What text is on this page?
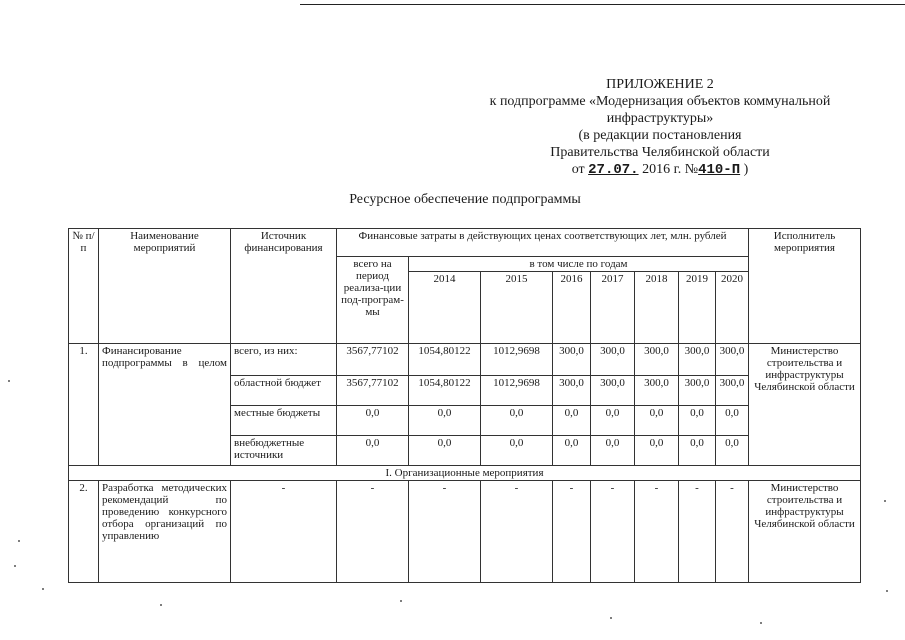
ПРИЛОЖЕНИЕ 2
к подпрограмме «Модернизация объектов коммунальной
инфраструктуры»
(в редакции постановления
Правительства Челябинской области
от 27.07. 2016 г. №410-П )
Ресурсное обеспечение подпрограммы
№ п/п	Наименование мероприятий	Источник финансирования	Финансовые затраты в действующих ценах соответствующих лет, млн. рублей								Исполнитель мероприятия
			всего на период реализа-ции под-програм-мы	в том числе по годам							
				2014	2015	2016	2017	2018	2019	2020	
1.	Финансирование подпрограммы в целом	всего, из них:	3567,77102	1054,80122	1012,9698	300,0	300,0	300,0	300,0	300,0	Министерство строительства и инфраструктуры Челябинской области
		областной бюджет	3567,77102	1054,80122	1012,9698	300,0	300,0	300,0	300,0	300,0	
		местные бюджеты	0,0	0,0	0,0	0,0	0,0	0,0	0,0	0,0	
		внебюджетные источники	0,0	0,0	0,0	0,0	0,0	0,0	0,0	0,0	
I. Организационные мероприятия											
2.	Разработка методических рекомендаций по проведению конкурсного отбора организаций по управлению	-	-	-	-	-	-	-	-	-	Министерство строительства и инфраструктуры Челябинской области
